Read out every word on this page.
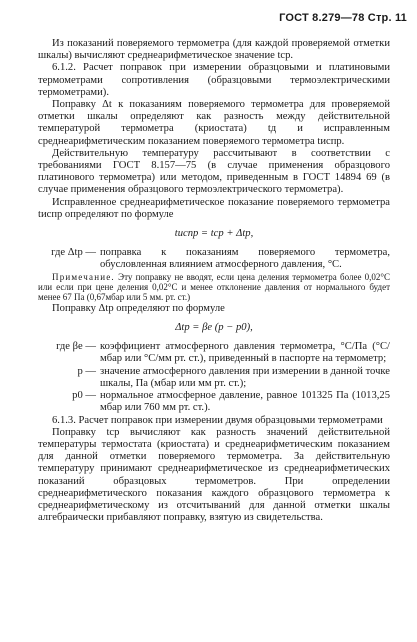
ГОСТ 8.279—78 Стр. 11

Из показаний поверяемого термометра (для каждой проверяемой отметки шкалы) вычисляют среднеарифметическое значение tср.

6.1.2. Расчет поправок при измерении образцовыми и платиновыми термометрами сопротивления (образцовыми термоэлектрическими термометрами).

Поправку Δt к показаниям поверяемого термометра для проверяемой отметки шкалы определяют как разность между действительной температурой термометра (криостата) tд и исправленным среднеарифметическим показанием поверяемого термометра tиспр.

Действительную температуру рассчитывают в соответствии с требованиями ГОСТ 8.157—75 (в случае применения образцового платинового термометра) или методом, приведенным в ГОСТ 14894 69 (в случае применения образцового термоэлектрического термометра).

Исправленное среднеарифметическое показание поверяемого термометра tиспр определяют по формуле

tиспр = tср + Δtр,
где Δtр —	поправка к показаниям поверяемого термометра, обусловленная влиянием атмосферного давления, °С.

Примечание. Эту поправку не вводят, если цена деления термометра более 0,02°С или если при цене деления 0,02°С и менее отклонение давления от нормального будет менее 67 Па (0,67мбар или 5 мм. рт. ст.)

Поправку Δtр определяют по формуле

Δtр = βе (p − p0),
где βе —	коэффициент атмосферного давления термометра, °С/Па (°С/мбар или °С/мм рт. ст.), приведенный в паспорте на термометр;
p —	значение атмосферного давления при измерении в данной точке шкалы, Па (мбар или мм рт. ст.);
p0 —	нормальное атмосферное давление, равное 101325 Па (1013,25 мбар или 760 мм рт. ст.).

6.1.3. Расчет поправок при измерении двумя образцовыми термометрами

Поправку tср вычисляют как разность значений действительной температуры термостата (криостата) и среднеарифметическим показанием для данной отметки поверяемого термометра. За действительную температуру принимают среднеарифметическое из среднеарифметических показаний образцовых термометров. При определении среднеарифметического показания каждого образцового термометра к среднеарифметическому из отсчитываний для данной отметки шкалы алгебраически прибавляют поправку, взятую из свидетельства.
